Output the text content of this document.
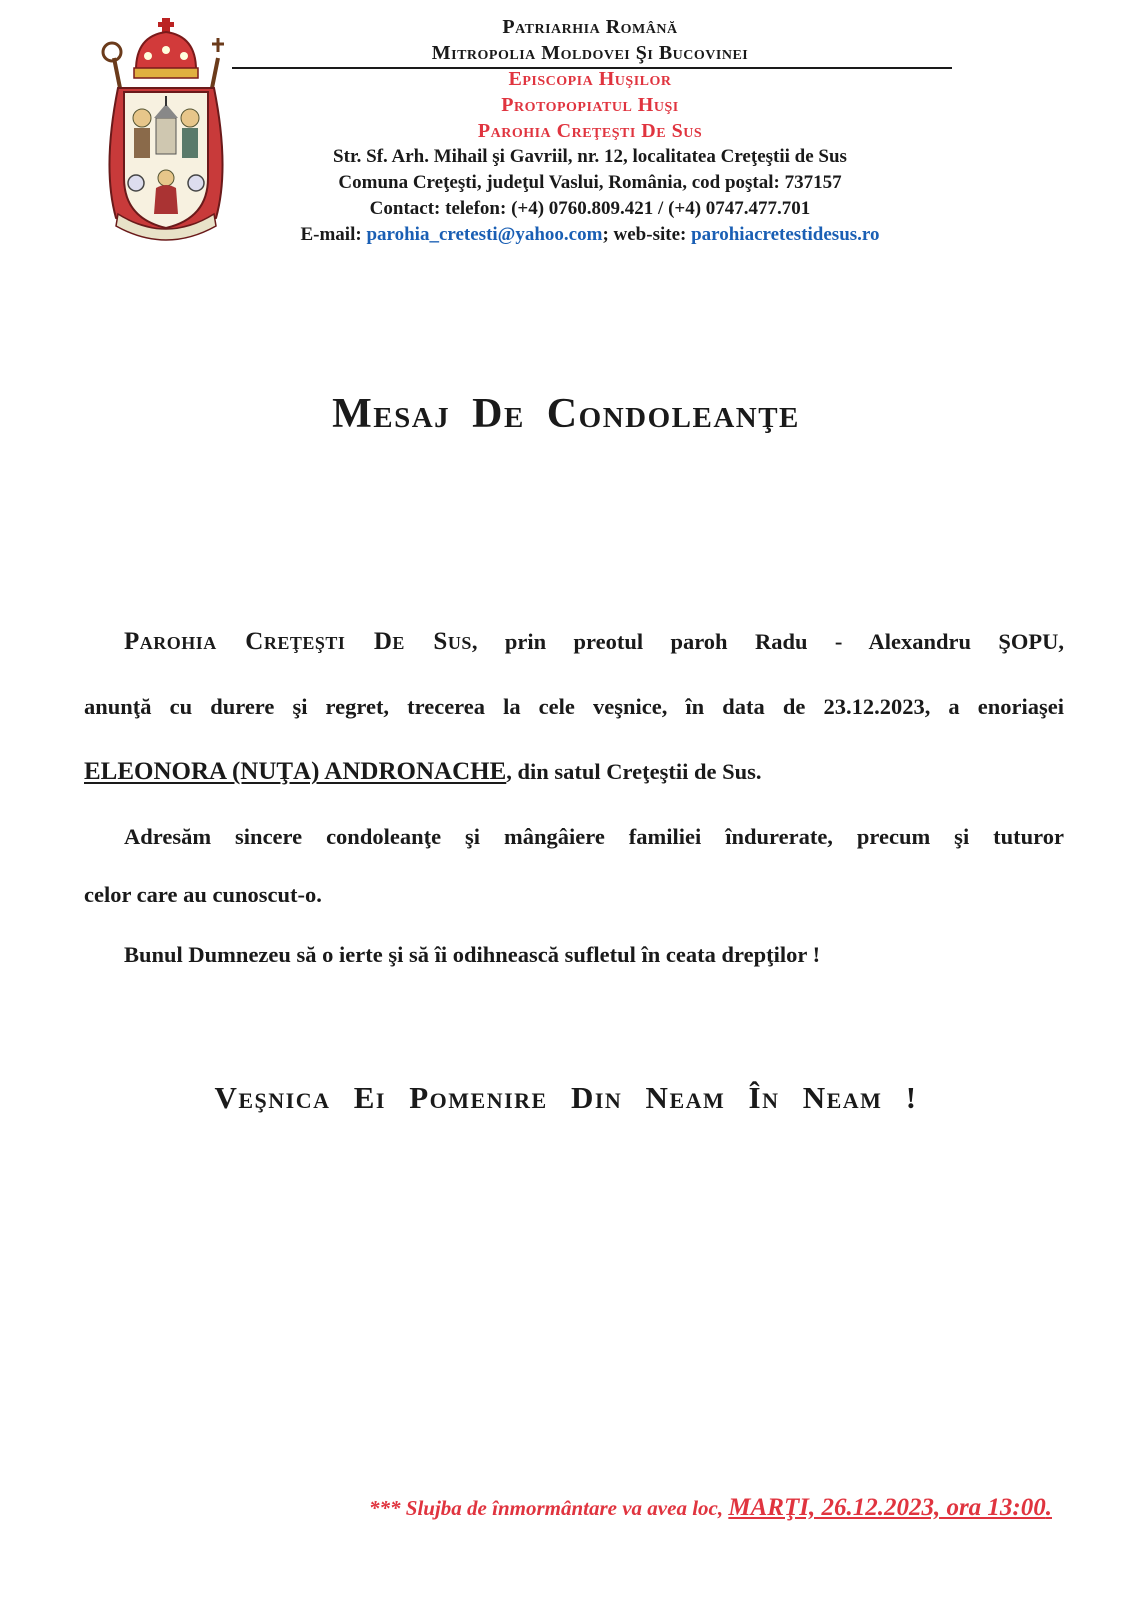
Patriarhia Română
Mitropolia Moldovei Şi Bucovinei
Episcopia Huşilor
Protopopiatul Huşi
Parohia Creţeşti De Sus
Str. Sf. Arh. Mihail şi Gavriil, nr. 12, localitatea Creţeştii de Sus
Comuna Creţeşti, judeţul Vaslui, România, cod poştal: 737157
Contact: telefon: (+4) 0760.809.421 / (+4) 0747.477.701
E-mail: parohia_cretesti@yahoo.com; web-site: parohiacretestidesus.ro
Mesaj De Condoleanţe
Parohia Creţeşti De Sus, prin preotul paroh Radu - Alexandru ŞOPU,
anunţă cu durere şi regret, trecerea la cele veşnice, în data de 23.12.2023, a enoriaşei
ELEONORA (NUŢA) ANDRONACHE, din satul Creţeştii de Sus.
Adresăm sincere condoleanţe şi mângâiere familiei îndurerate, precum şi tuturor
celor care au cunoscut-o.
Bunul Dumnezeu să o ierte şi să îi odihnească sufletul în ceata drepţilor !
Veşnica Ei Pomenire Din Neam În Neam !
*** Slujba de înmormântare va avea loc, MARŢI, 26.12.2023, ora 13:00.
